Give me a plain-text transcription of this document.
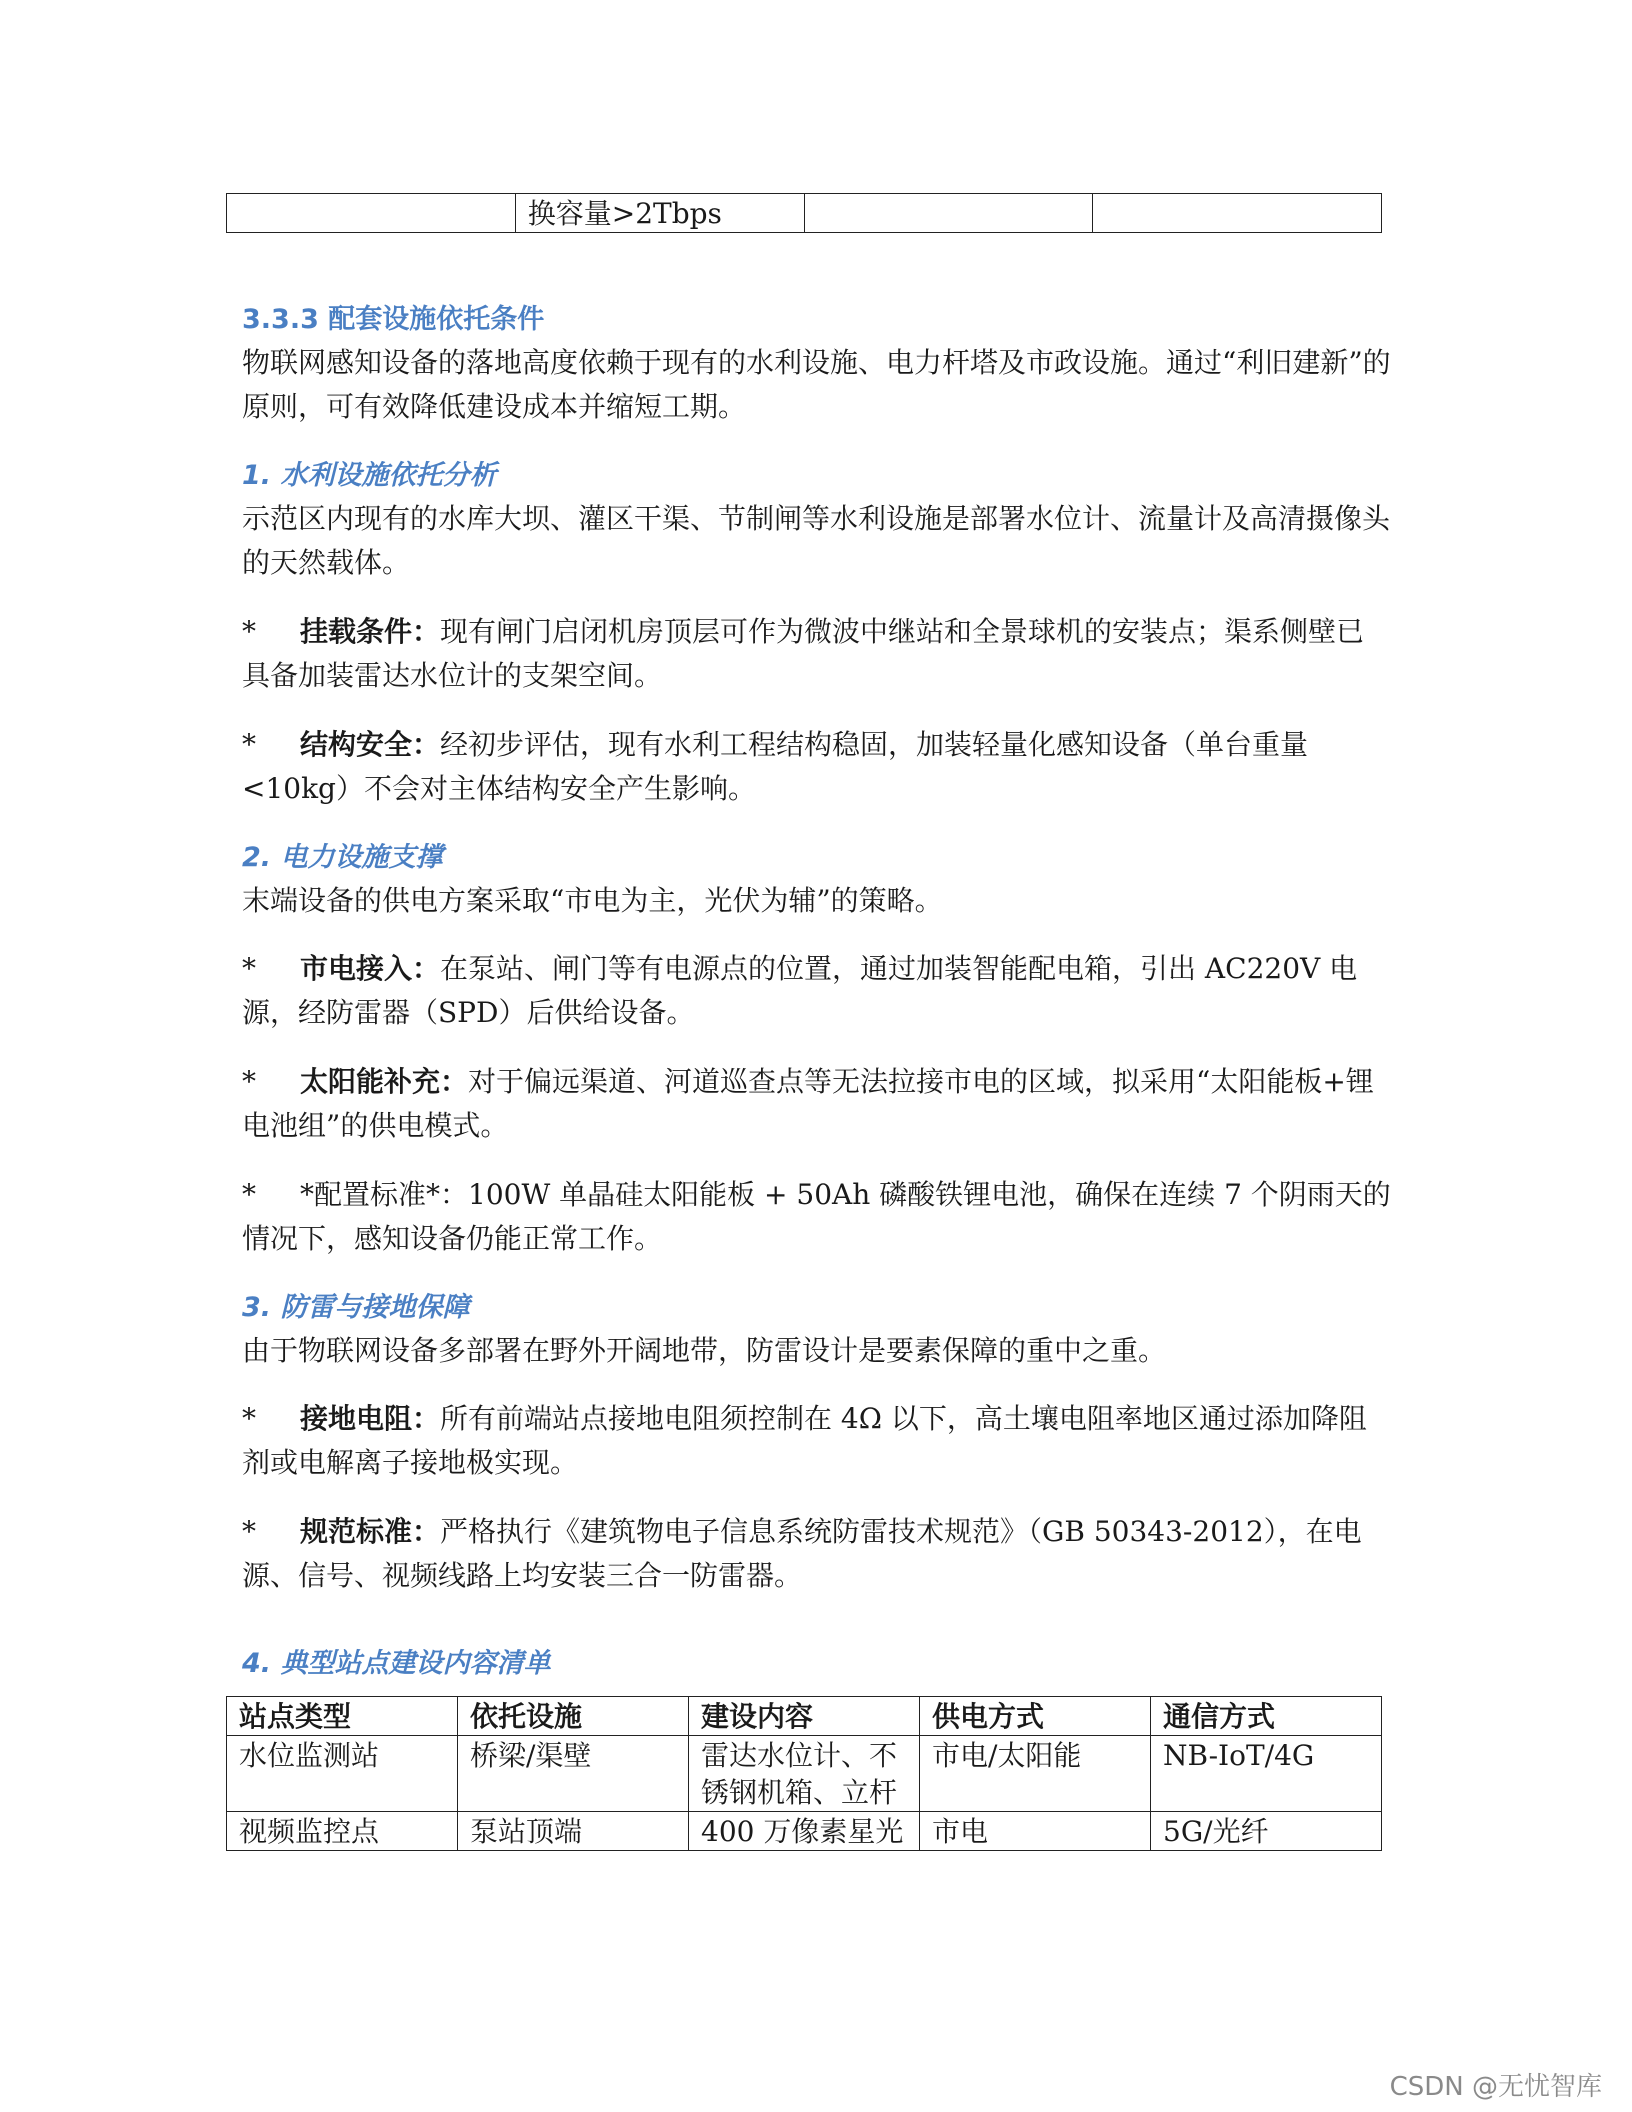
	换容量>2Tbps		
3.3.3 配套设施依托条件

物联网感知设备的落地高度依赖于现有的水利设施、电力杆塔及市政设施。通过“利旧建新”的原则，可有效降低建设成本并缩短工期。

1. 水利设施依托分析

示范区内现有的水库大坝、灌区干渠、节制闸等水利设施是部署水位计、流量计及高清摄像头的天然载体。

* 挂载条件：现有闸门启闭机房顶层可作为微波中继站和全景球机的安装点；渠系侧壁已具备加装雷达水位计的支架空间。

* 结构安全：经初步评估，现有水利工程结构稳固，加装轻量化感知设备（单台重量<10kg）不会对主体结构安全产生影响。

2. 电力设施支撑

末端设备的供电方案采取“市电为主，光伏为辅”的策略。

* 市电接入：在泵站、闸门等有电源点的位置，通过加装智能配电箱，引出 AC220V 电源，经防雷器（SPD）后供给设备。

* 太阳能补充：对于偏远渠道、河道巡查点等无法拉接市电的区域，拟采用“太阳能板+锂电池组”的供电模式。

* *配置标准*：100W 单晶硅太阳能板 + 50Ah 磷酸铁锂电池，确保在连续 7 个阴雨天的情况下，感知设备仍能正常工作。

3. 防雷与接地保障

由于物联网设备多部署在野外开阔地带，防雷设计是要素保障的重中之重。

* 接地电阻：所有前端站点接地电阻须控制在 4Ω 以下，高土壤电阻率地区通过添加降阻剂或电解离子接地极实现。

* 规范标准：严格执行《建筑物电子信息系统防雷技术规范》（GB 50343-2012），在电源、信号、视频线路上均安装三合一防雷器。

4. 典型站点建设内容清单
站点类型	依托设施	建设内容	供电方式	通信方式
水位监测站	桥梁/渠壁	雷达水位计、不锈钢机箱、立杆	市电/太阳能	NB-IoT/4G
视频监控点	泵站顶端	400 万像素星光	市电	5G/光纤
CSDN @无忧智库
